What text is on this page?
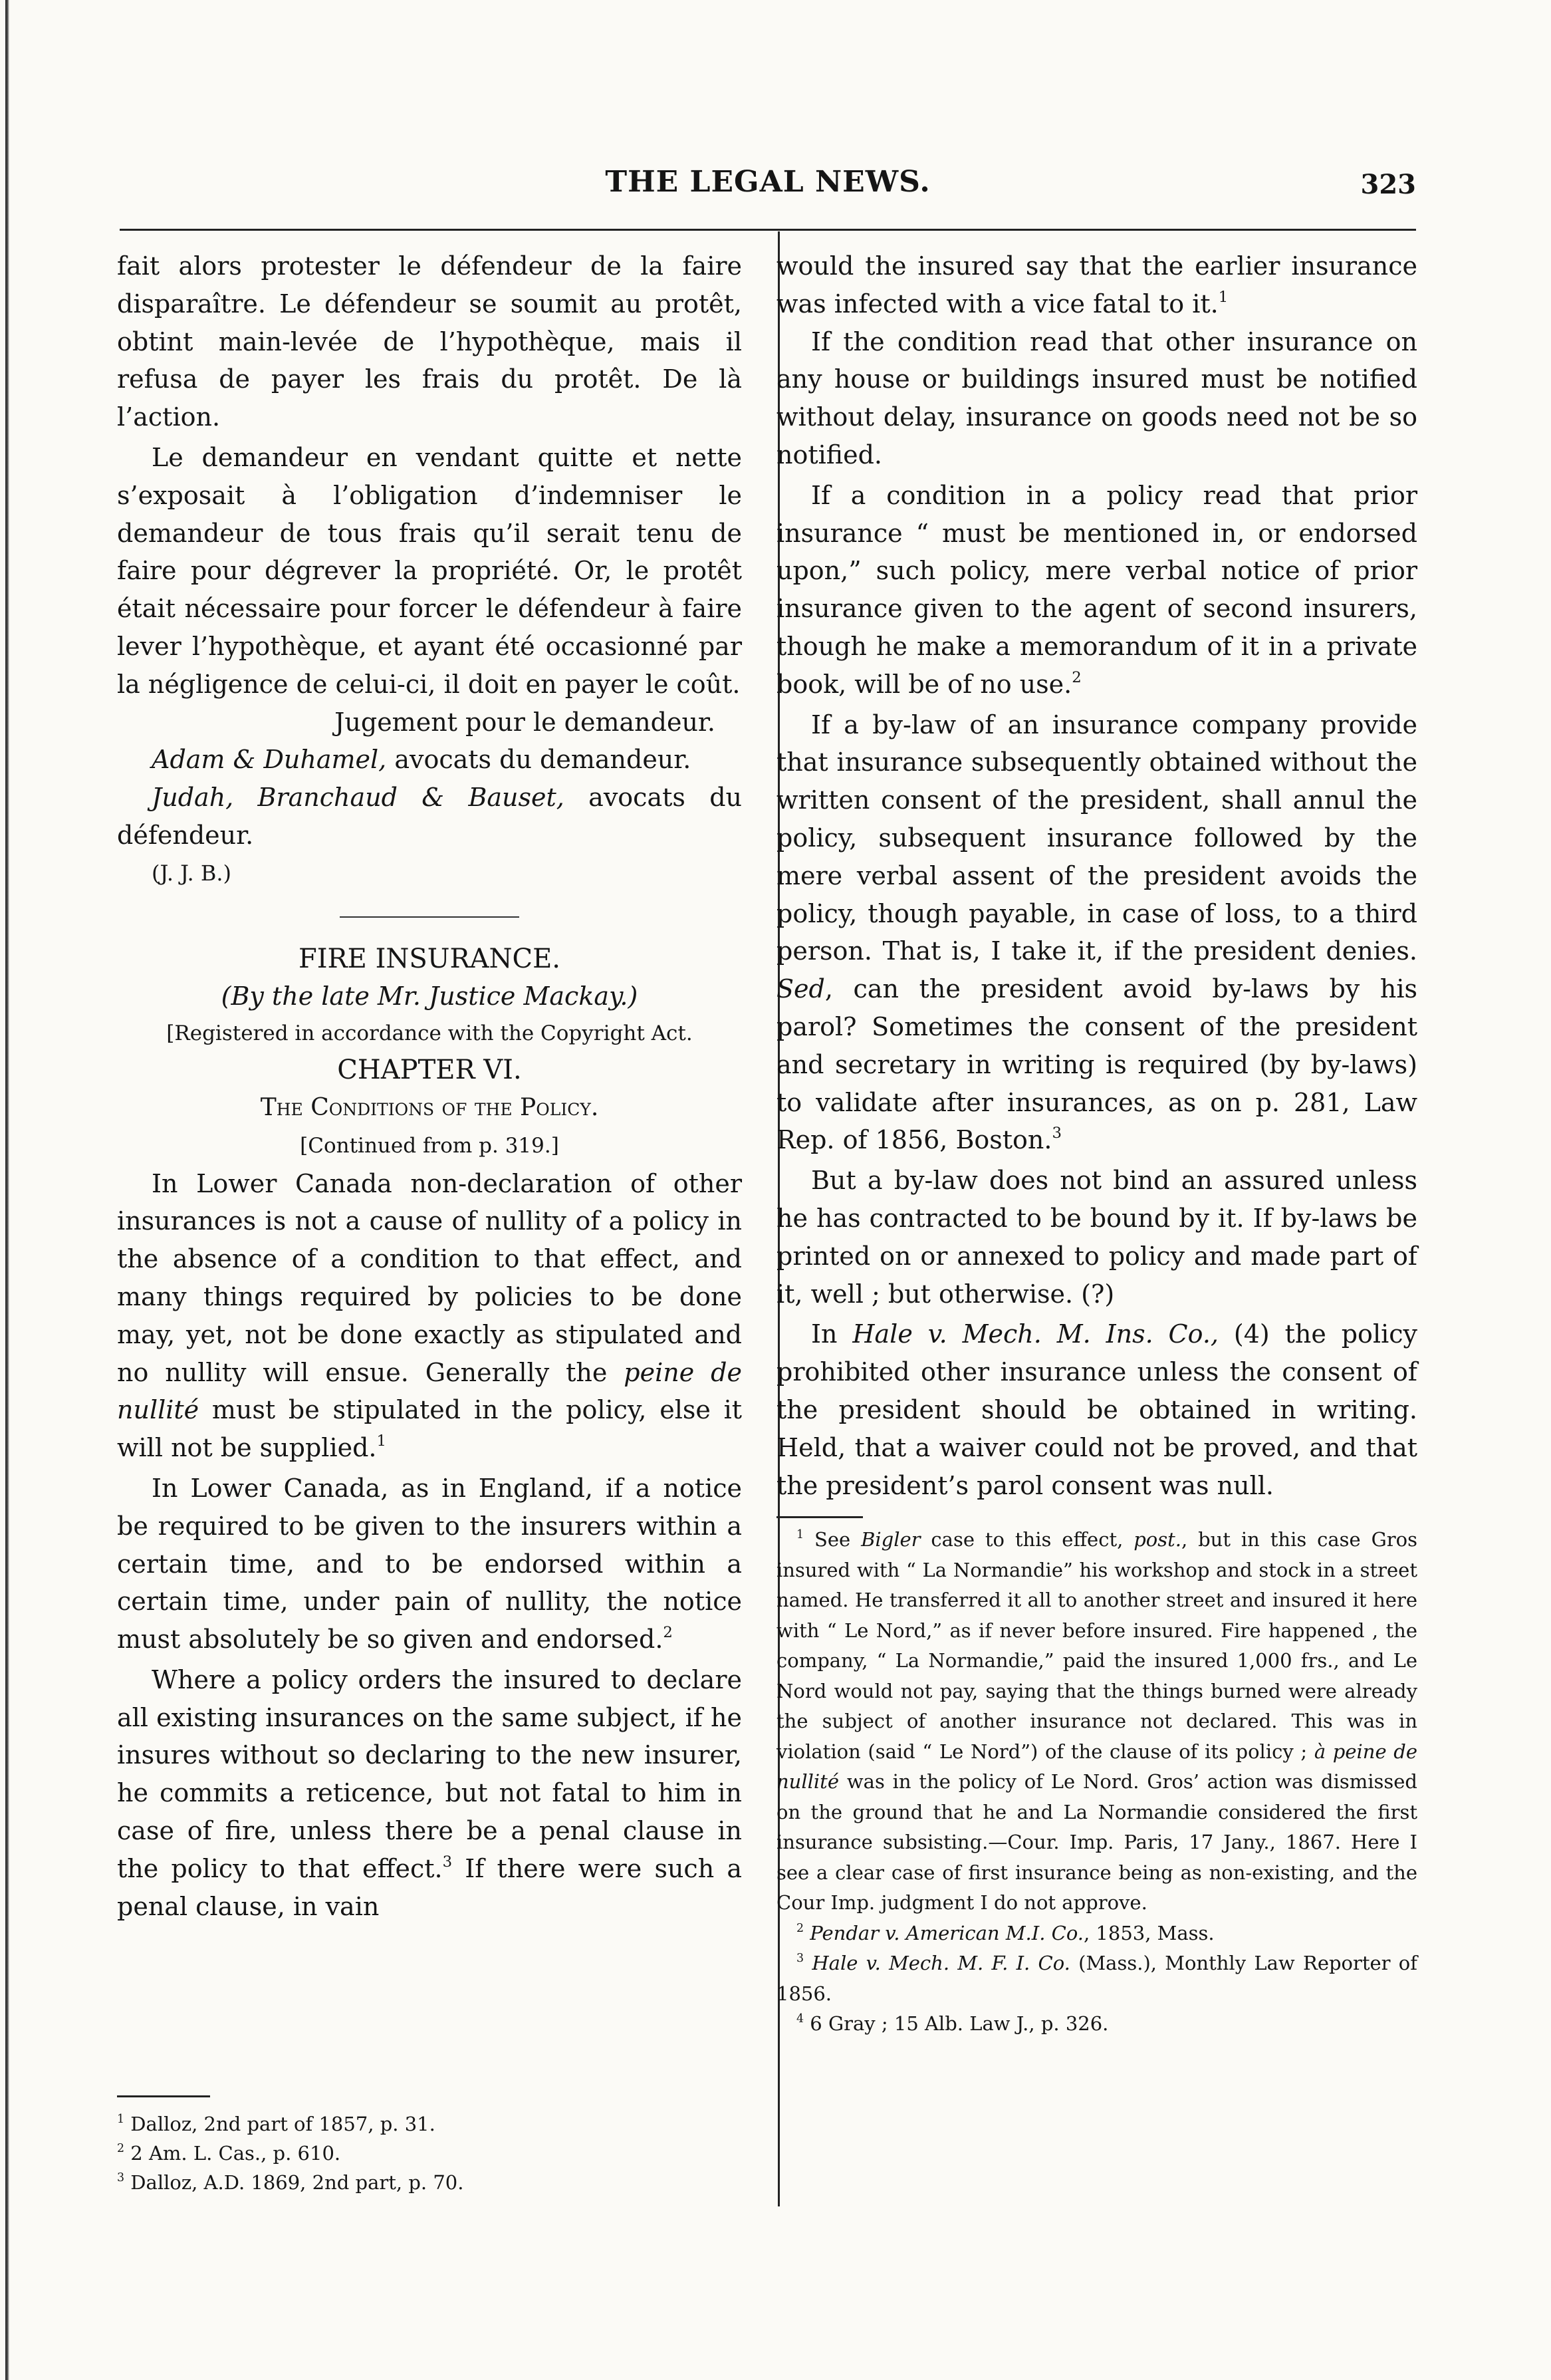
THE LEGAL NEWS.	323

fait alors protester le défendeur de la faire disparaître. Le défendeur se soumit au protêt, obtint main-levée de l’hypothèque, mais il refusa de payer les frais du protêt. De là l’action.

Le demandeur en vendant quitte et nette s’exposait à l’obligation d’indemniser le demandeur de tous frais qu’il serait tenu de faire pour dégrever la propriété. Or, le protêt était nécessaire pour forcer le défendeur à faire lever l’hypothèque, et ayant été occasionné par la négligence de celui-ci, il doit en payer le coût.

Jugement pour le demandeur.

Adam & Duhamel, avocats du demandeur.

Judah, Branchaud & Bauset, avocats du défendeur.

(J. J. B.)

FIRE INSURANCE.

(By the late Mr. Justice Mackay.)

[Registered in accordance with the Copyright Act.

CHAPTER VI.

The Conditions of the Policy.

[Continued from p. 319.]

In Lower Canada non-declaration of other insurances is not a cause of nullity of a policy in the absence of a condition to that effect, and many things required by policies to be done may, yet, not be done exactly as stipulated and no nullity will ensue. Generally the peine de nullité must be stipulated in the policy, else it will not be supplied.$^1$

In Lower Canada, as in England, if a notice be required to be given to the insurers within a certain time, and to be endorsed within a certain time, under pain of nullity, the notice must absolutely be so given and endorsed.$^2$

Where a policy orders the insured to declare all existing insurances on the same subject, if he insures without so declaring to the new insurer, he commits a reticence, but not fatal to him in case of fire, unless there be a penal clause in the policy to that effect.$^3$ If there were such a penal clause, in vain

$^1$ Dalloz, 2nd part of 1857, p. 31.

$^2$ 2 Am. L. Cas., p. 610.

$^3$ Dalloz, A.D. 1869, 2nd part, p. 70.

would the insured say that the earlier insurance was infected with a vice fatal to it.$^1$

If the condition read that other insurance on any house or buildings insured must be notified without delay, insurance on goods need not be so notified.

If a condition in a policy read that prior insurance “ must be mentioned in, or endorsed upon,” such policy, mere verbal notice of prior insurance given to the agent of second insurers, though he make a memorandum of it in a private book, will be of no use.$^2$

If a by-law of an insurance company provide that insurance subsequently obtained without the written consent of the president, shall annul the policy, subsequent insurance followed by the mere verbal assent of the president avoids the policy, though payable, in case of loss, to a third person. That is, I take it, if the president denies. Sed, can the president avoid by-laws by his parol? Sometimes the consent of the president and secretary in writing is required (by by-laws) to validate after insurances, as on p. 281, Law Rep. of 1856, Boston.$^3$

But a by-law does not bind an assured unless he has contracted to be bound by it. If by-laws be printed on or annexed to policy and made part of it, well ; but otherwise. (?)

In Hale v. Mech. M. Ins. Co., (4) the policy prohibited other insurance unless the consent of the president should be obtained in writing. Held, that a waiver could not be proved, and that the president’s parol consent was null.

$^1$ See Bigler case to this effect, post., but in this case Gros insured with “ La Normandie” his workshop and stock in a street named. He transferred it all to another street and insured it here with “ Le Nord,” as if never before insured. Fire happened , the company, “ La Normandie,” paid the insured 1,000 frs., and Le Nord would not pay, saying that the things burned were already the subject of another insurance not declared. This was in violation (said “ Le Nord”) of the clause of its policy ; à peine de nullité was in the policy of Le Nord. Gros’ action was dismissed on the ground that he and La Normandie considered the first insurance subsisting.—Cour. Imp. Paris, 17 Jany., 1867. Here I see a clear case of first insurance being as non-existing, and the Cour Imp. judgment I do not approve.

$^2$ Pendar v. American M.I. Co., 1853, Mass.

$^3$ Hale v. Mech. M. F. I. Co. (Mass.), Monthly Law Reporter of 1856.

$^4$ 6 Gray ; 15 Alb. Law J., p. 326.
